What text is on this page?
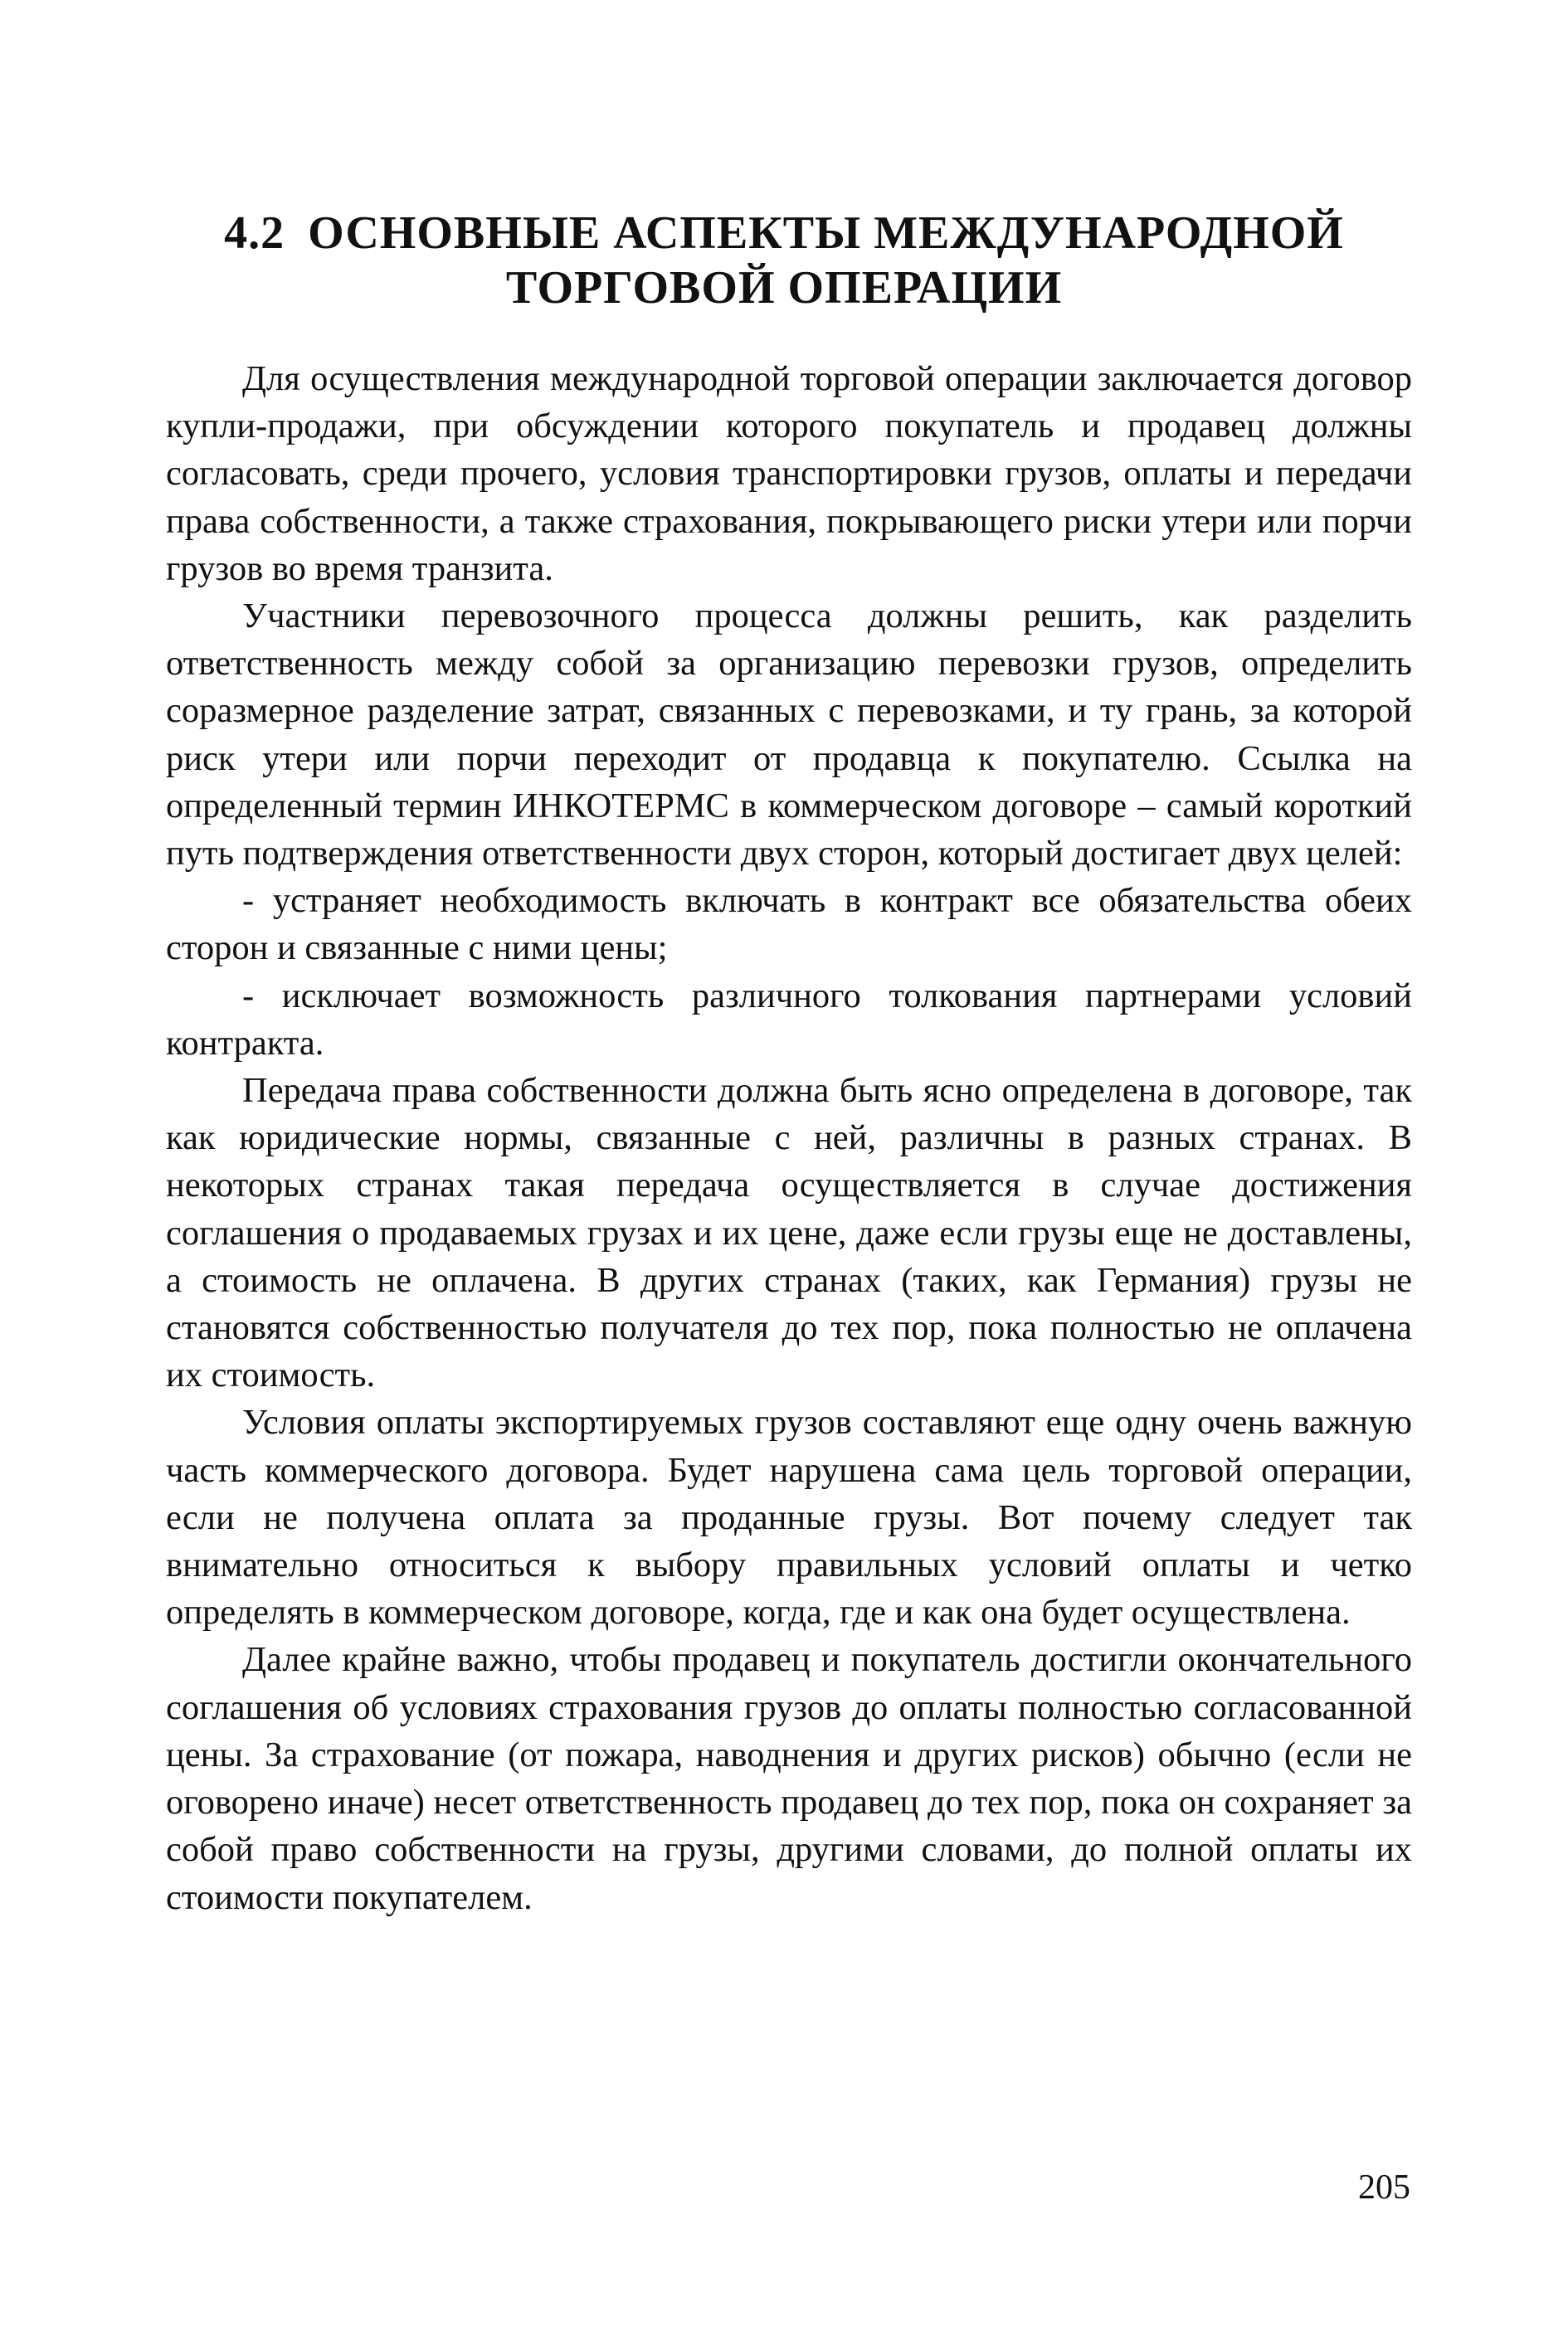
4.2 ОСНОВНЫЕ АСПЕКТЫ МЕЖДУНАРОДНОЙ
ТОРГОВОЙ ОПЕРАЦИИ

Для осуществления международной торговой операции заключается договор купли-продажи, при обсуждении которого покупатель и продавец должны согласовать, среди прочего, условия транспортировки грузов, оплаты и передачи права собственности, а также страхования, покрывающего риски утери или порчи грузов во время транзита.

Участники перевозочного процесса должны решить, как разделить ответственность между собой за организацию перевозки грузов, определить соразмерное разделение затрат, связанных с перевозками, и ту грань, за которой риск утери или порчи переходит от продавца к покупателю. Ссылка на определенный термин ИНКОТЕРМС в коммерческом договоре – самый короткий путь подтверждения ответственности двух сторон, который достигает двух целей:

- устраняет необходимость включать в контракт все обязательства обеих сторон и связанные с ними цены;

- исключает возможность различного толкования партнерами условий контракта.

Передача права собственности должна быть ясно определена в договоре, так как юридические нормы, связанные с ней, различны в разных странах. В некоторых странах такая передача осуществляется в случае достижения соглашения о продаваемых грузах и их цене, даже если грузы еще не доставлены, а стоимость не оплачена. В других странах (таких, как Германия) грузы не становятся собственностью получателя до тех пор, пока полностью не оплачена их стоимость.

Условия оплаты экспортируемых грузов составляют еще одну очень важную часть коммерческого договора. Будет нарушена сама цель торговой операции, если не получена оплата за проданные грузы. Вот почему следует так внимательно относиться к выбору правильных условий оплаты и четко определять в коммерческом договоре, когда, где и как она будет осуществлена.

Далее крайне важно, чтобы продавец и покупатель достигли окончательного соглашения об условиях страхования грузов до оплаты полностью согласованной цены. За страхование (от пожара, наводнения и других рисков) обычно (если не оговорено иначе) несет ответственность продавец до тех пор, пока он сохраняет за собой право собственности на грузы, другими словами, до полной оплаты их стоимости покупателем.

205
